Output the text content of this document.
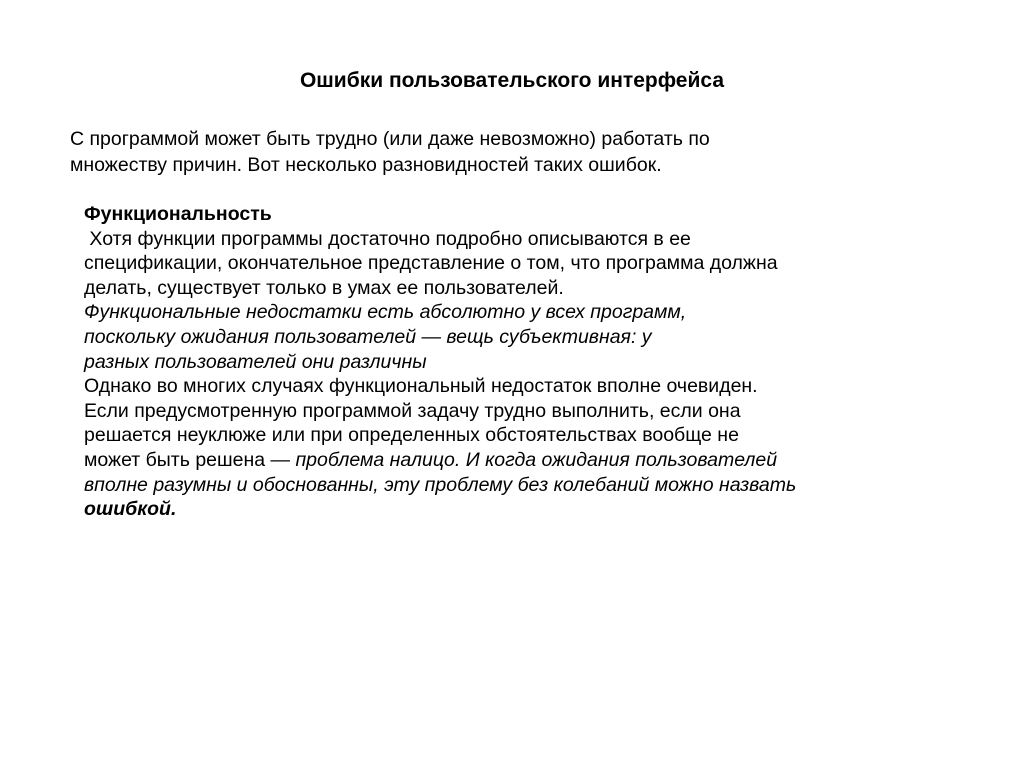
Ошибки пользовательского интерфейса
С программой может быть трудно (или даже невозможно) работать по
множеству причин. Вот несколько разновидностей таких ошибок.
Функциональность
Хотя функции программы достаточно подробно описываются в ее
спецификации, окончательное представление о том, что программа должна
делать, существует только в умах ее пользователей.
Функциональные недостатки есть абсолютно у всех программ,
поскольку ожидания пользователей — вещь субъективная: у
разных пользователей они различны
Однако во многих случаях функциональный недостаток вполне очевиден.
Если предусмотренную программой задачу трудно выполнить, если она
решается неуклюже или при определенных обстоятельствах вообще не
может быть решена — проблема налицо. И когда ожидания пользователей
вполне разумны и обоснованны, эту проблему без колебаний можно назвать
ошибкой.
